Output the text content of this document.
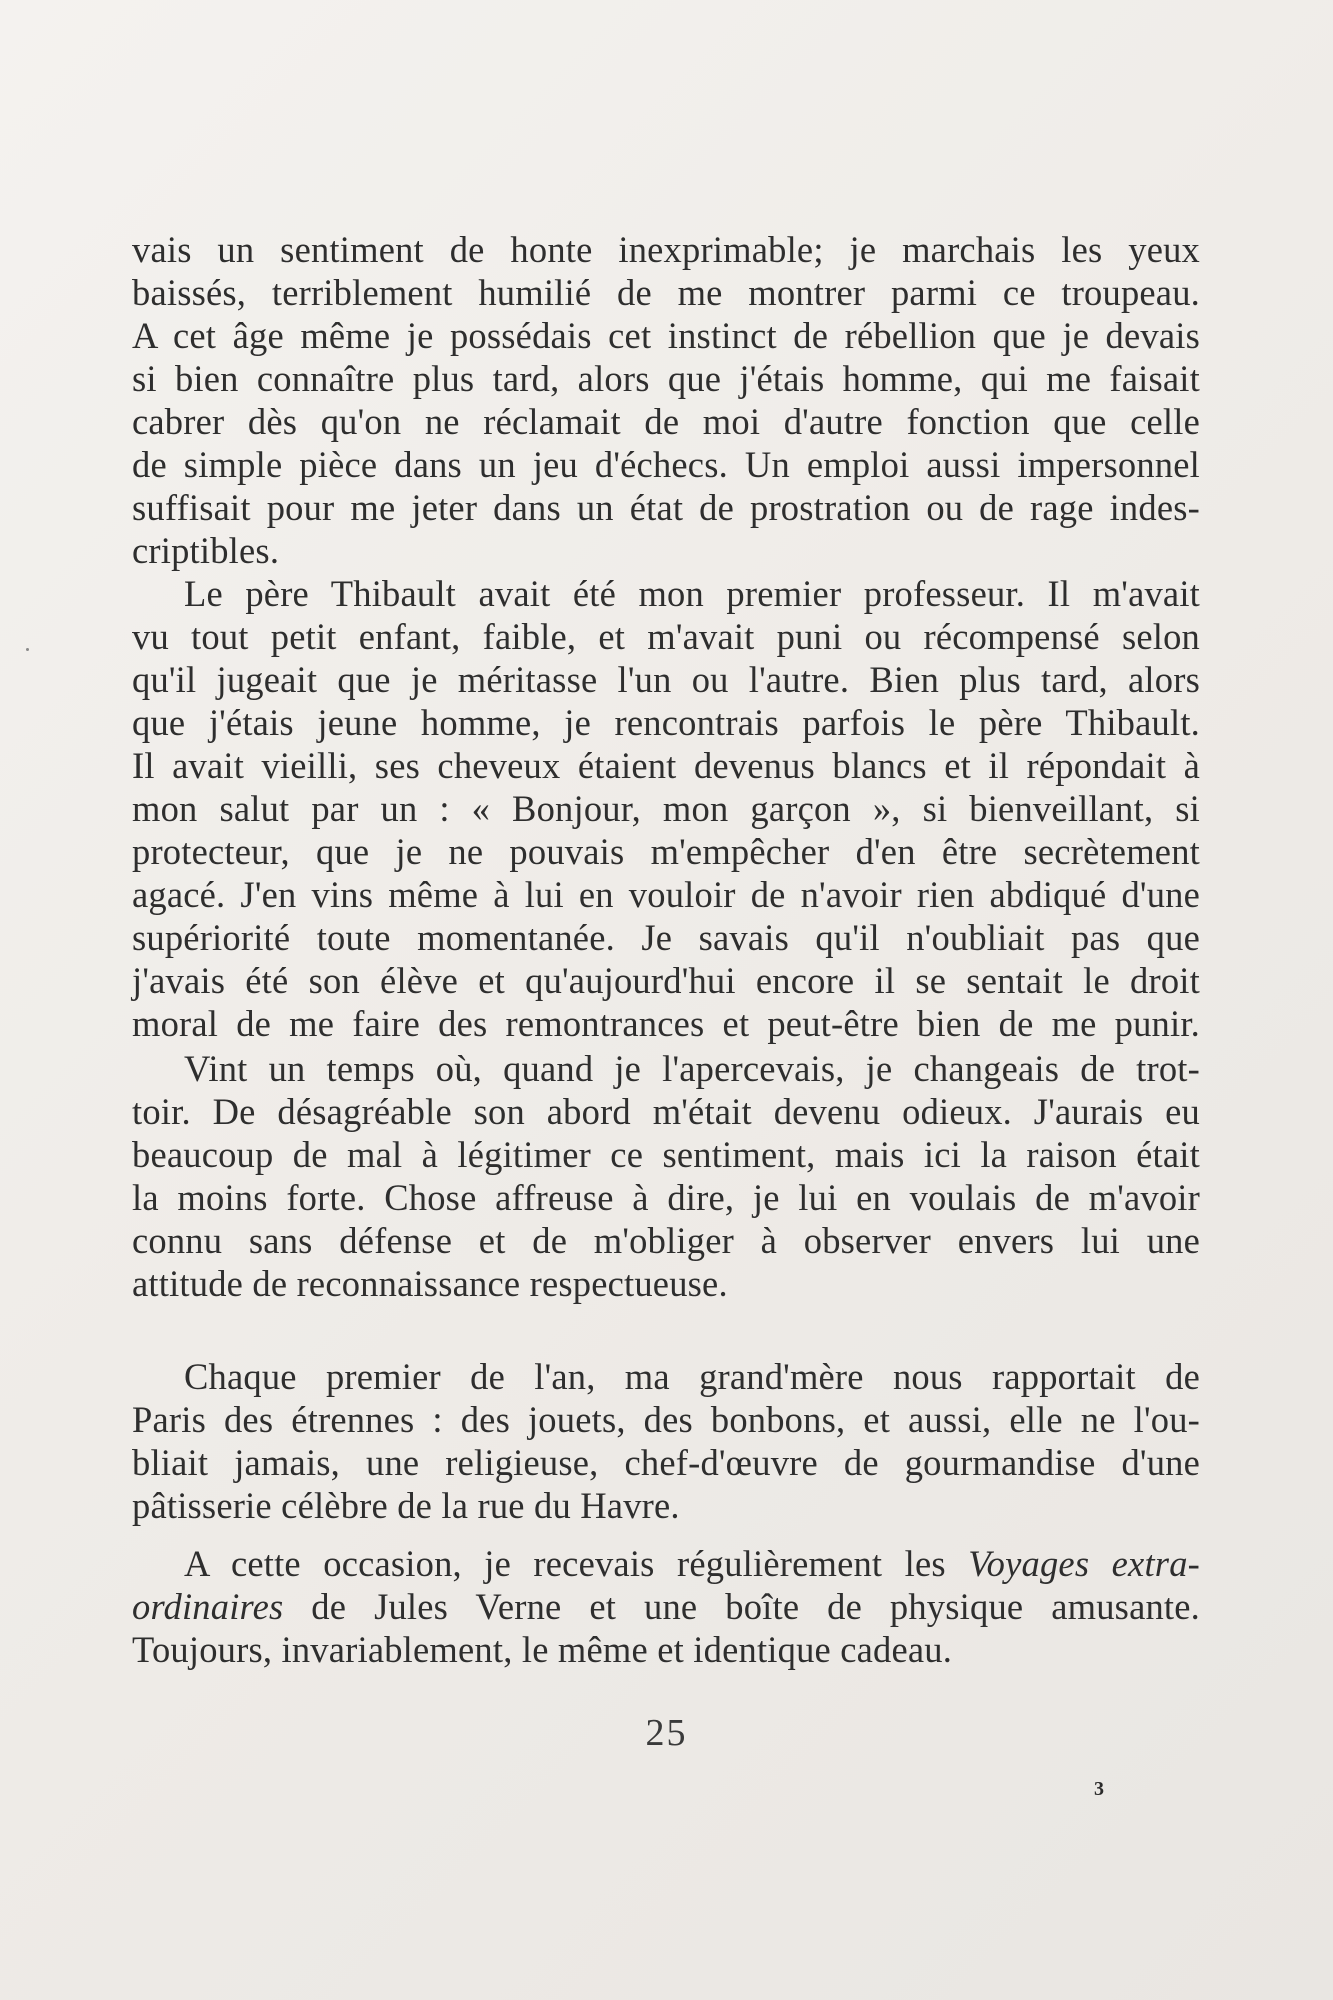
vais un sentiment de honte inexprimable; je marchais les yeux
baissés, terriblement humilié de me montrer parmi ce troupeau.
A cet âge même je possédais cet instinct de rébellion que je devais
si bien connaître plus tard, alors que j'étais homme, qui me faisait
cabrer dès qu'on ne réclamait de moi d'autre fonction que celle
de simple pièce dans un jeu d'échecs. Un emploi aussi impersonnel
suffisait pour me jeter dans un état de prostration ou de rage indes-
criptibles.
Le père Thibault avait été mon premier professeur. Il m'avait
vu tout petit enfant, faible, et m'avait puni ou récompensé selon
qu'il jugeait que je méritasse l'un ou l'autre. Bien plus tard, alors
que j'étais jeune homme, je rencontrais parfois le père Thibault.
Il avait vieilli, ses cheveux étaient devenus blancs et il répondait à
mon salut par un : « Bonjour, mon garçon », si bienveillant, si
protecteur, que je ne pouvais m'empêcher d'en être secrètement
agacé. J'en vins même à lui en vouloir de n'avoir rien abdiqué d'une
supériorité toute momentanée. Je savais qu'il n'oubliait pas que
j'avais été son élève et qu'aujourd'hui encore il se sentait le droit
moral de me faire des remontrances et peut-être bien de me punir.
Vint un temps où, quand je l'apercevais, je changeais de trot-
toir. De désagréable son abord m'était devenu odieux. J'aurais eu
beaucoup de mal à légitimer ce sentiment, mais ici la raison était
la moins forte. Chose affreuse à dire, je lui en voulais de m'avoir
connu sans défense et de m'obliger à observer envers lui une
attitude de reconnaissance respectueuse.
Chaque premier de l'an, ma grand'mère nous rapportait de
Paris des étrennes : des jouets, des bonbons, et aussi, elle ne l'ou-
bliait jamais, une religieuse, chef-d'œuvre de gourmandise d'une
pâtisserie célèbre de la rue du Havre.
A cette occasion, je recevais régulièrement les Voyages extra-
ordinaires de Jules Verne et une boîte de physique amusante.
Toujours, invariablement, le même et identique cadeau.
25
3
